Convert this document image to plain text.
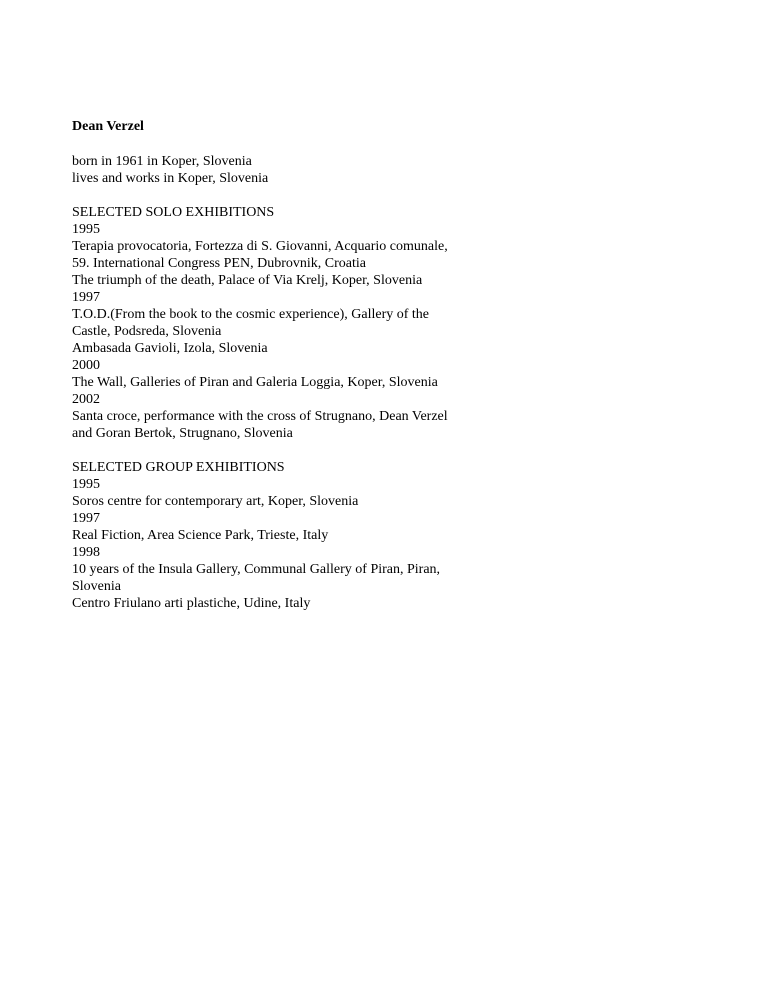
Dean Verzel
born in 1961 in Koper, Slovenia
lives and works in Koper, Slovenia
SELECTED SOLO EXHIBITIONS
1995
Terapia provocatoria, Fortezza di S. Giovanni, Acquario comunale,
59. International Congress PEN, Dubrovnik, Croatia
The triumph of the death, Palace of Via Krelj, Koper, Slovenia
1997
T.O.D.(From the book to the cosmic experience), Gallery of the
Castle, Podsreda, Slovenia
Ambasada Gavioli, Izola, Slovenia
2000
The Wall, Galleries of Piran and Galeria Loggia, Koper, Slovenia
2002
Santa croce, performance with the cross of Strugnano, Dean Verzel
and Goran Bertok, Strugnano, Slovenia
SELECTED GROUP EXHIBITIONS
1995
Soros centre for contemporary art, Koper, Slovenia
1997
Real Fiction, Area Science Park, Trieste, Italy
1998
10 years of the Insula Gallery, Communal Gallery of Piran, Piran,
Slovenia
Centro Friulano arti plastiche, Udine, Italy
